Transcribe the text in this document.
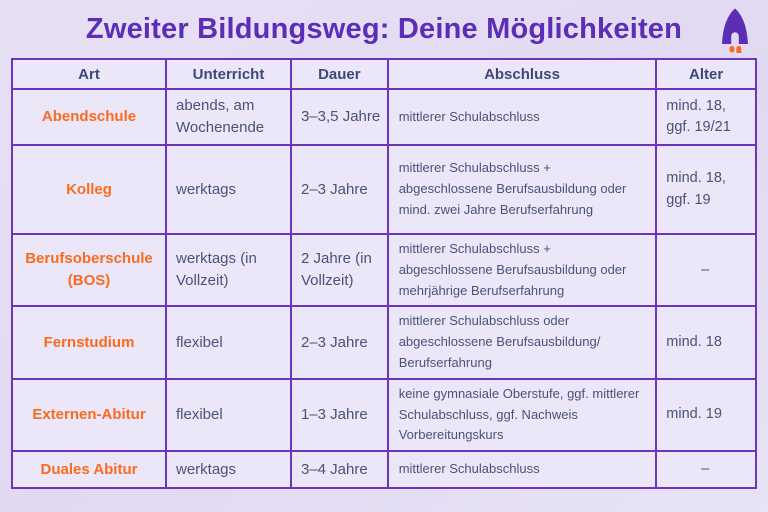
Zweiter Bildungsweg: Deine Möglichkeiten
Art	Unterricht	Dauer	Abschluss	Alter
Abendschule	abends, am Wochenende	3–3,5 Jahre	mittlerer Schulabschluss	mind. 18, ggf. 19/21
Kolleg	werktags	2–3 Jahre	mittlerer Schulabschluss + abgeschlossene Berufsausbildung oder mind. zwei Jahre Berufserfahrung	mind. 18, ggf. 19
Berufsoberschule (BOS)	werktags (in Vollzeit)	2 Jahre (in Vollzeit)	mittlerer Schulabschluss + abgeschlossene Berufsausbildung oder mehrjährige Berufserfahrung	–
Fernstudium	flexibel	2–3 Jahre	mittlerer Schulabschluss oder abgeschlossene Berufsausbildung/ Berufserfahrung	mind. 18
Externen-Abitur	flexibel	1–3 Jahre	keine gymnasiale Oberstufe, ggf. mittlerer Schulabschluss, ggf. Nachweis Vorbereitungskurs	mind. 19
Duales Abitur	werktags	3–4 Jahre	mittlerer Schulabschluss	–
